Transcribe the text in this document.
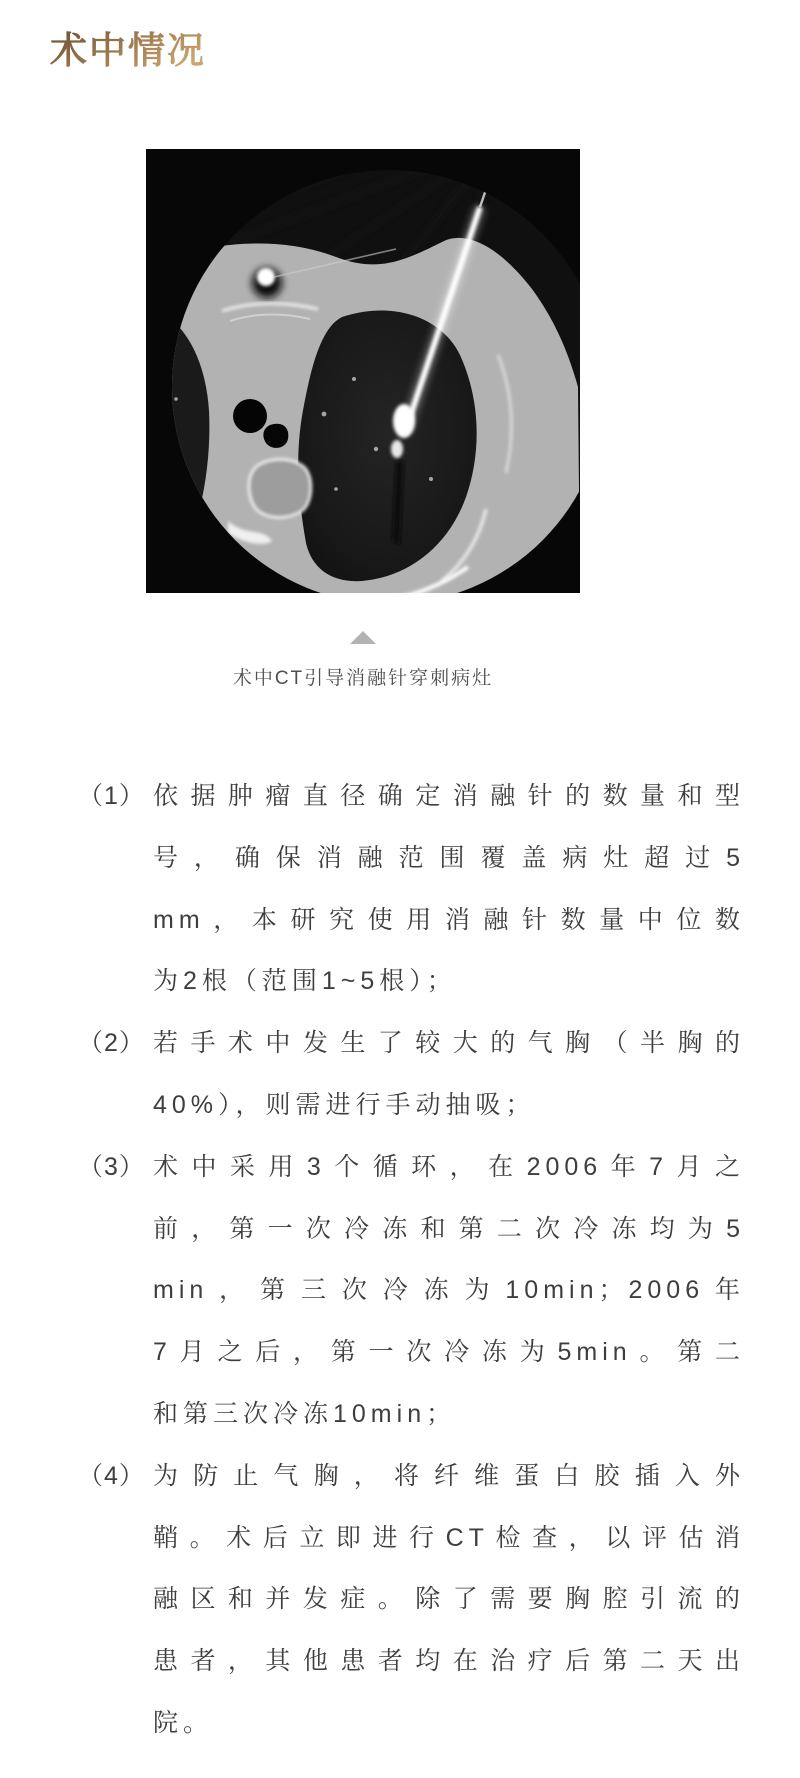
术中情况
术中CT引导消融针穿刺病灶
（1） 依据肿瘤直径确定消融针的数量和型
号，确保消融范围覆盖病灶超过5
mm，本研究使用消融针数量中位数
为2根（范围1~5根）；
（2） 若手术中发生了较大的气胸（半胸的
40%），则需进行手动抽吸；
（3） 术中采用3个循环，在2006年7月之
前，第一次冷冻和第二次冷冻均为5
min，第三次冷冻为10min；2006年
7月之后，第一次冷冻为5min。第二
和第三次冷冻10min；
（4） 为防止气胸，将纤维蛋白胶插入外
鞘。术后立即进行CT检查，以评估消
融区和并发症。除了需要胸腔引流的
患者，其他患者均在治疗后第二天出
院。
